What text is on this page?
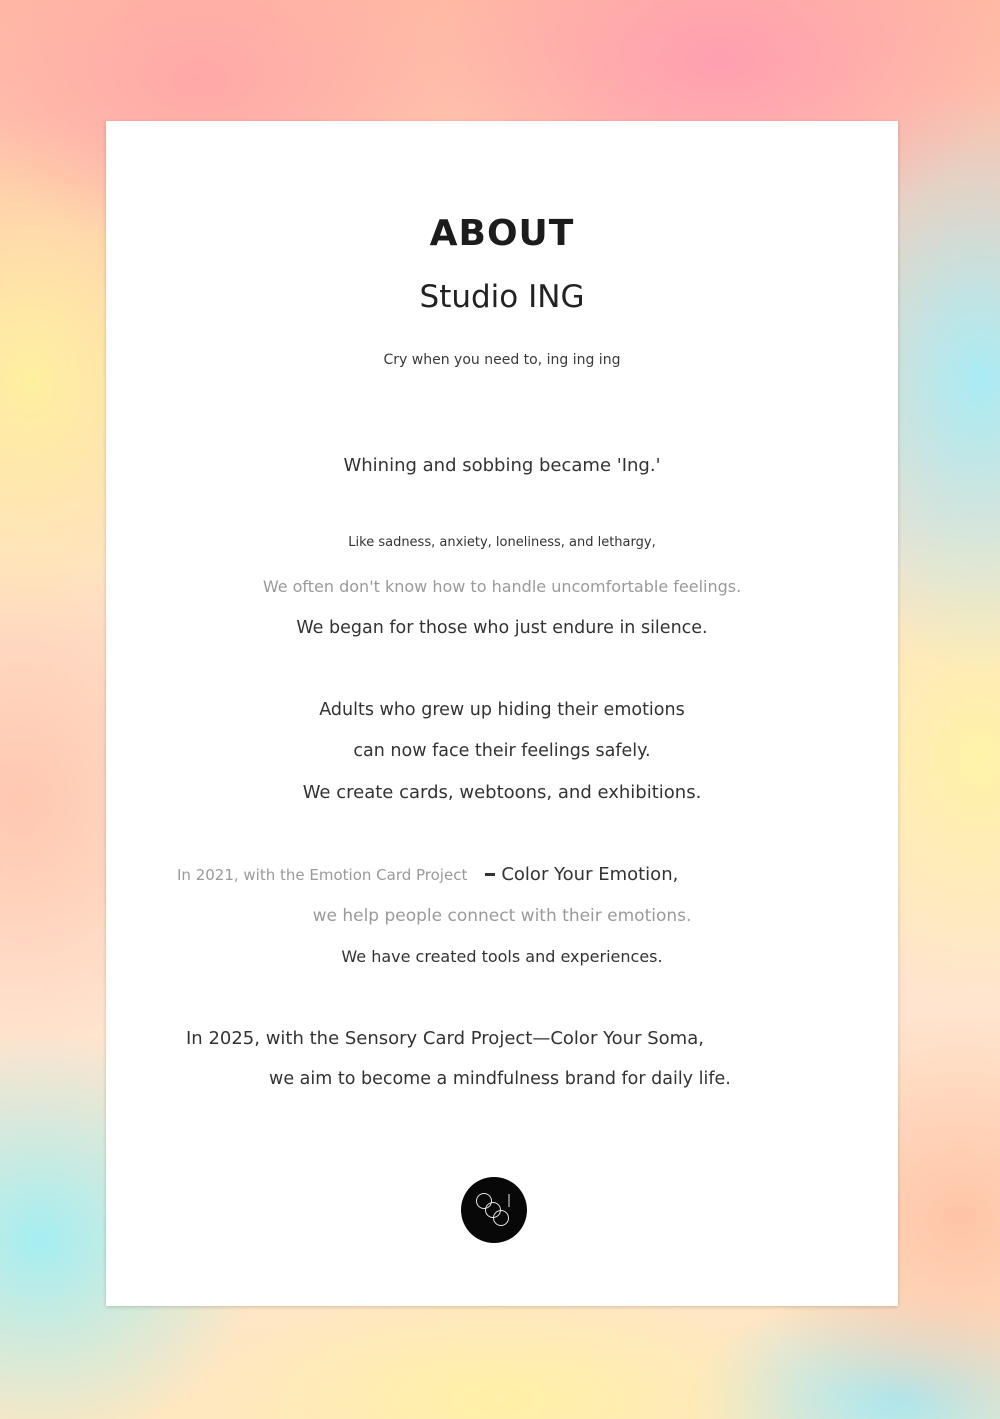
ABOUT
Studio ING
Cry when you need to, ing ing ing
Whining and sobbing became 'Ing.'
Like sadness, anxiety, loneliness, and lethargy,
We often don't know how to handle uncomfortable feelings.
We began for those who just endure in silence.
Adults who grew up hiding their emotions
can now face their feelings safely.
We create cards, webtoons, and exhibitions.
In 2021, with the Emotion Card Project Color Your Emotion,
we help people connect with their emotions.
We have created tools and experiences.
In 2025, with the Sensory Card Project—Color Your Soma,
we aim to become a mindfulness brand for daily life.
